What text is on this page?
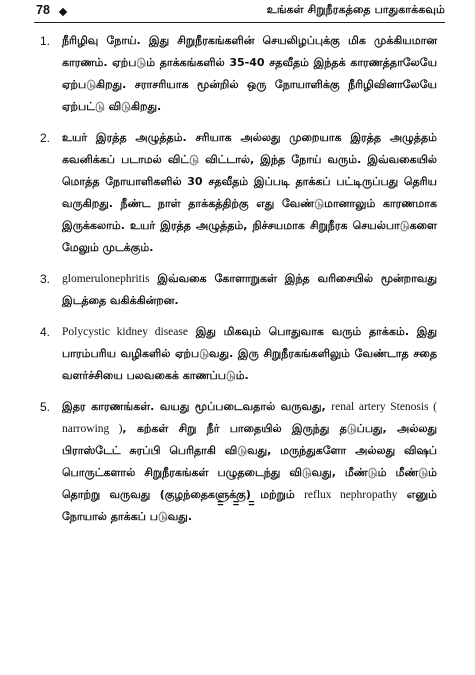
78	உங்கள் சிறுநீரகத்தை பாதுகாக்கவும்
1. நீரிழிவு நோய். இது சிறுநீரகங்களின் செயலிழப்புக்கு மிக முக்கியமான காரணம். ஏற்படும் தாக்கங்களில் 35-40 சதவீதம் இந்தக் காரணத்தாலேயே ஏற்படுகிறது. சராசரியாக மூன்றில் ஒரு நோயாளிக்கு நீரிழிவினாலேயே ஏற்பட்டு விடுகிறது.
2. உயர் இரத்த அழுத்தம். சரியாக அல்லது முறையாக இரத்த அழுத்தம் கவனிக்கப் படாமல் விட்டு விட்டால், இந்த நோய் வரும். இவ்வகையில் மொத்த நோயாளிகளில் 30 சதவீதம் இப்படி தாக்கப் பட்டிருப்பது தெரிய வருகிறது. நீண்ட நாள் தாக்கத்திற்கு எது வேண்டுமானாலும் காரணமாக இருக்கலாம். உயர் இரத்த அழுத்தம், நிச்சயமாக சிறுநீரக செயல்பாடுகளை மேலும் முடக்கும்.
3. glomerulonephritis இவ்வகை கோளாறுகள் இந்த வரிசையில் மூன்றாவது இடத்தை வகிக்கின்றன.
4. Polycystic kidney disease இது மிகவும் பொதுவாக வரும் தாக்கம். இது பாரம்பரிய வழிகளில் ஏற்படுவது. இரு சிறுநீரகங்களிலும் வேண்டாத சதை வளர்ச்சியை பலவகைக் காணப்படும்.
5. இதர காரணங்கள். வயது மூப்படைவதால் வருவது, renal artery Stenosis ( narrowing ), கற்கள் சிறு நீர் பாதையில் இருந்து தடுப்பது, அல்லது பிராஸ்டேட் சுரப்பி பெரிதாகி விடுவது, மருந்துகளோ அல்லது விஷப் பொருட்களால் சிறுநீரகங்கள் பழுதடைந்து விடுவது, மீண்டும் மீண்டும் தொற்று வருவது (குழந்தைகளுக்கு) மற்றும் reflux nephropathy எனும் நோயால் தாக்கப் படுவது.
= = =
